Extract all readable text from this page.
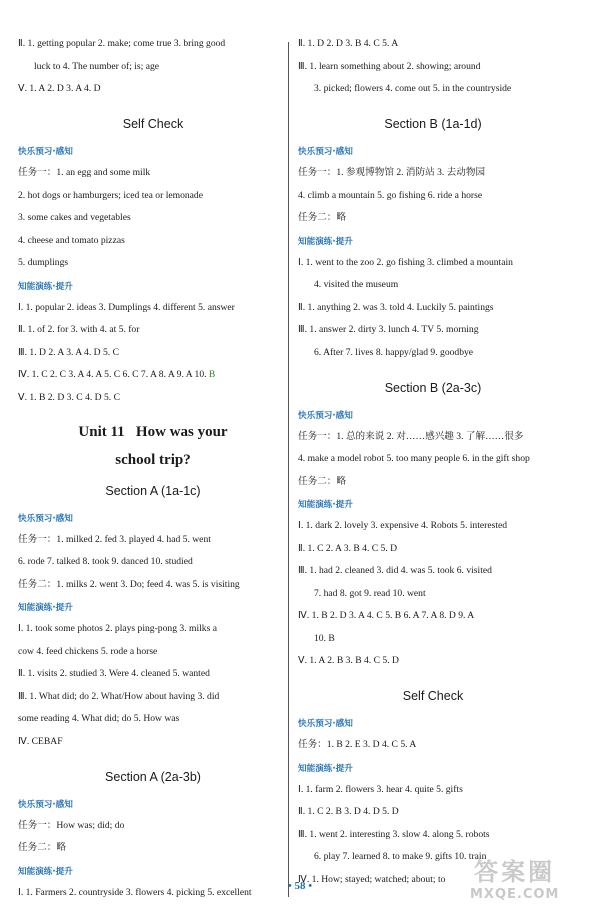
Ⅱ. 1. getting popular 2. make; come true 3. bring good
luck to 4. The number of; is; age
Ⅴ. 1. A 2. D 3. A 4. D
Self Check
快乐预习·感知
任务一：1. an egg and some milk
2. hot dogs or hamburgers; iced tea or lemonade
3. some cakes and vegetables
4. cheese and tomato pizzas
5. dumplings
知能演练·提升
Ⅰ. 1. popular 2. ideas 3. Dumplings 4. different 5. answer
Ⅱ. 1. of 2. for 3. with 4. at 5. for
Ⅲ. 1. D 2. A 3. A 4. D 5. C
Ⅳ. 1. C 2. C 3. A 4. A 5. C 6. C 7. A 8. A 9. A 10. B
Ⅴ. 1. B 2. D 3. C 4. D 5. C
Unit 11   How was your
school trip?
Section A (1a-1c)
快乐预习·感知
任务一：1. milked 2. fed 3. played 4. had 5. went
6. rode 7. talked 8. took 9. danced 10. studied
任务二：1. milks 2. went 3. Do; feed 4. was 5. is visiting
知能演练·提升
Ⅰ. 1. took some photos 2. plays ping-pong 3. milks a
cow 4. feed chickens 5. rode a horse
Ⅱ. 1. visits 2. studied 3. Were 4. cleaned 5. wanted
Ⅲ. 1. What did; do 2. What/How about having 3. did
some reading 4. What did; do 5. How was
Ⅳ. CEBAF
Section A (2a-3b)
快乐预习·感知
任务一：How was; did; do
任务二：略
知能演练·提升
Ⅰ. 1. Farmers 2. countryside 3. flowers 4. picking 5. excellent
Ⅱ. 1. D 2. D 3. B 4. C 5. A
Ⅲ. 1. learn something about 2. showing; around
3. picked; flowers 4. come out 5. in the countryside
Section B (1a-1d)
快乐预习·感知
任务一：1. 参观博物馆 2. 消防站 3. 去动物园
4. climb a mountain 5. go fishing 6. ride a horse
任务二：略
知能演练·提升
Ⅰ. 1. went to the zoo 2. go fishing 3. climbed a mountain
4. visited the museum
Ⅱ. 1. anything 2. was 3. told 4. Luckily 5. paintings
Ⅲ. 1. answer 2. dirty 3. lunch 4. TV 5. morning
6. After 7. lives 8. happy/glad 9. goodbye
Section B (2a-3c)
快乐预习·感知
任务一：1. 总的来说 2. 对……感兴趣 3. 了解……很多
4. make a model robot 5. too many people 6. in the gift shop
任务二：略
知能演练·提升
Ⅰ. 1. dark 2. lovely 3. expensive 4. Robots 5. interested
Ⅱ. 1. C 2. A 3. B 4. C 5. D
Ⅲ. 1. had 2. cleaned 3. did 4. was 5. took 6. visited
7. had 8. got 9. read 10. went
Ⅳ. 1. B 2. D 3. A 4. C 5. B 6. A 7. A 8. D 9. A
10. B
Ⅴ. 1. A 2. B 3. B 4. C 5. D
Self Check
快乐预习·感知
任务：1. B 2. E 3. D 4. C 5. A
知能演练·提升
Ⅰ. 1. farm 2. flowers 3. hear 4. quite 5. gifts
Ⅱ. 1. C 2. B 3. D 4. D 5. D
Ⅲ. 1. went 2. interesting 3. slow 4. along 5. robots
6. play 7. learned 8. to make 9. gifts 10. train
Ⅳ. 1. How; stayed; watched; about; to
• 58 •	答案圈
MXQE.COM
